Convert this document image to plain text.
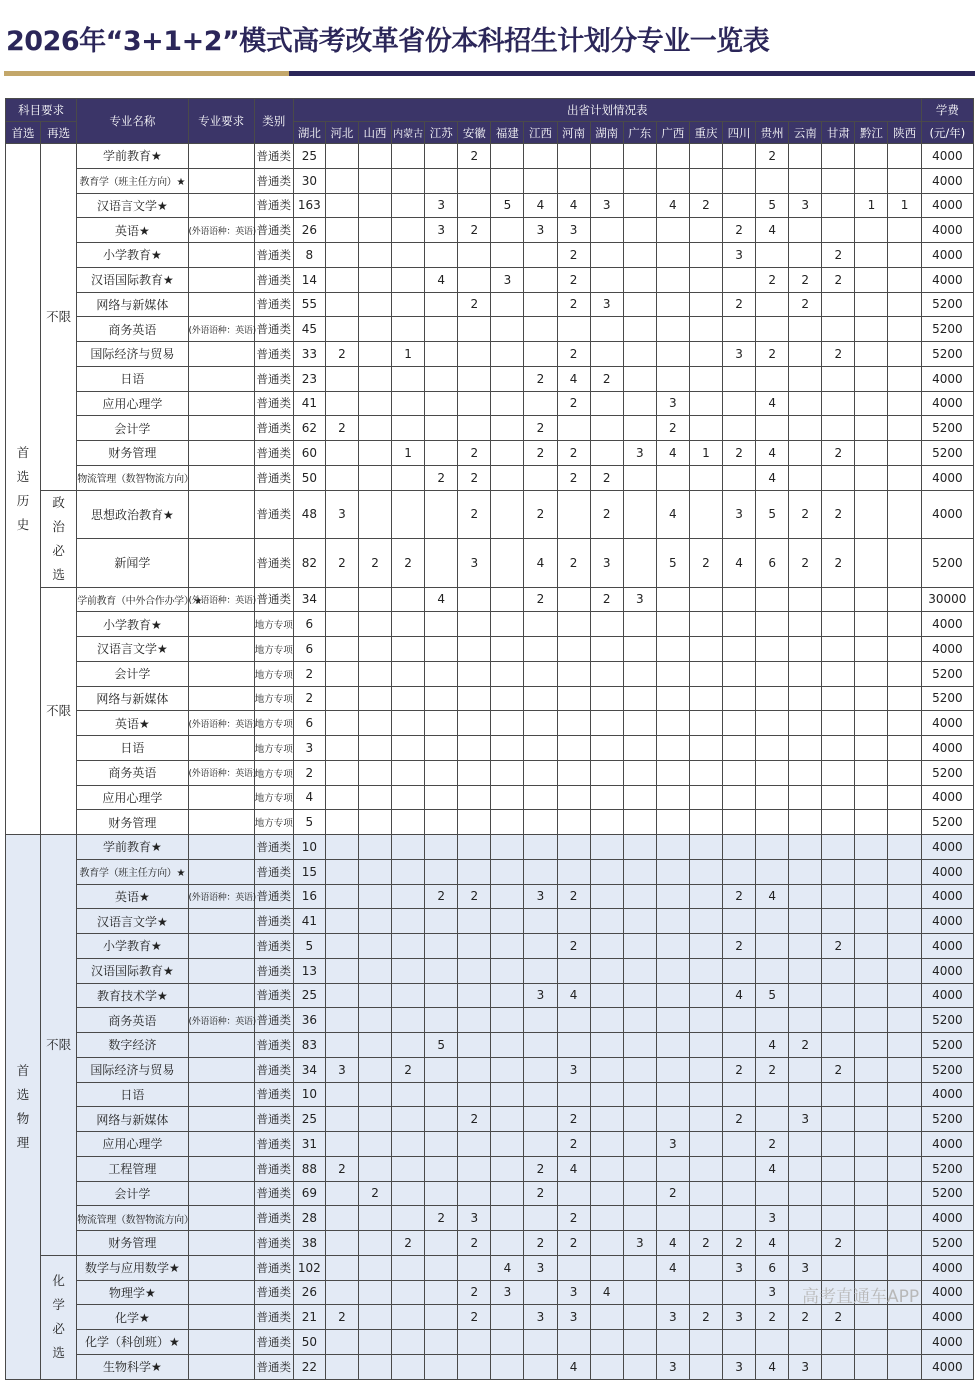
2026年“3+1+2”模式高考改革省份本科招生计划分专业一览表
科目要求		专业名称	专业要求	类别	出省计划情况表																			学费
首选	再选				湖北	河北	山西	内蒙古	江苏	安徽	福建	江西	河南	湖南	广东	广西	重庆	四川	贵州	云南	甘肃	黔江	陕西	(元/年)
首选历史	不限	学前教育★		普通类	25					2									2					4000
		教育学（班主任方向）★		普通类	30																			4000
		汉语言文学★		普通类	163				3		5	4	4	3		4	2		5	3		1	1	4000
		英语★	(外语语种：英语)	普通类	26				3	2		3	3					2	4					4000
		小学教育★		普通类	8								2					3			2			4000
		汉语国际教育★		普通类	14				4		3		2						2	2	2			4000
		网络与新媒体		普通类	55					2			2	3				2		2				5200
		商务英语	(外语语种：英语)	普通类	45																			5200
		国际经济与贸易		普通类	33	2		1					2					3	2		2			5200
		日语		普通类	23							2	4	2										4000
		应用心理学		普通类	41								2			3			4					4000
		会计学		普通类	62	2						2				2								5200
		财务管理		普通类	60			1		2		2	2		3	4	1	2	4		2			5200
		物流管理（数智物流方向）		普通类	50				2	2			2	2					4					4000
	政治必选	思想政治教育★		普通类	48	3				2		2		2		4		3	5	2	2			4000
		新闻学		普通类	82	2	2	2		3		4	2	3		5	2	4	6	2	2			5200
	不限	学前教育（中外合作办学）★	(外语语种：英语)	普通类	34				4			2		2	3									30000
		小学教育★		地方专项	6																			4000
		汉语言文学★		地方专项	6																			4000
		会计学		地方专项	2																			5200
		网络与新媒体		地方专项	2																			5200
		英语★	(外语语种：英语)	地方专项	6																			4000
		日语		地方专项	3																			4000
		商务英语	(外语语种：英语)	地方专项	2																			5200
		应用心理学		地方专项	4																			4000
		财务管理		地方专项	5																			5200
首选物理	不限	学前教育★		普通类	10																			4000
		教育学（班主任方向）★		普通类	15																			4000
		英语★	(外语语种：英语)	普通类	16				2	2		3	2					2	4					4000
		汉语言文学★		普通类	41																			4000
		小学教育★		普通类	5								2					2			2			4000
		汉语国际教育★		普通类	13																			4000
		教育技术学★		普通类	25							3	4					4	5					4000
		商务英语	(外语语种：英语)	普通类	36																			5200
		数字经济		普通类	83				5										4	2				5200
		国际经济与贸易		普通类	34	3		2					3					2	2		2			5200
		日语		普通类	10																			4000
		网络与新媒体		普通类	25					2			2					2		3				5200
		应用心理学		普通类	31								2			3			2					4000
		工程管理		普通类	88	2						2	4						4					5200
		会计学		普通类	69		2					2				2								5200
		物流管理（数智物流方向）		普通类	28				2	3			2						3					4000
		财务管理		普通类	38			2		2		2	2		3	4	2	2	4		2			5200
	化学必选	数学与应用数学★		普通类	102						4	3				4		3	6	3				4000
		物理学★		普通类	26					2	3		3	4					3					4000
		化学★		普通类	21	2				2		3	3			3	2	3	2	2	2			4000
		化学（科创班）★		普通类	50																			4000
		生物科学★		普通类	22								4			3		3	4	3				4000
高考直通车APP
